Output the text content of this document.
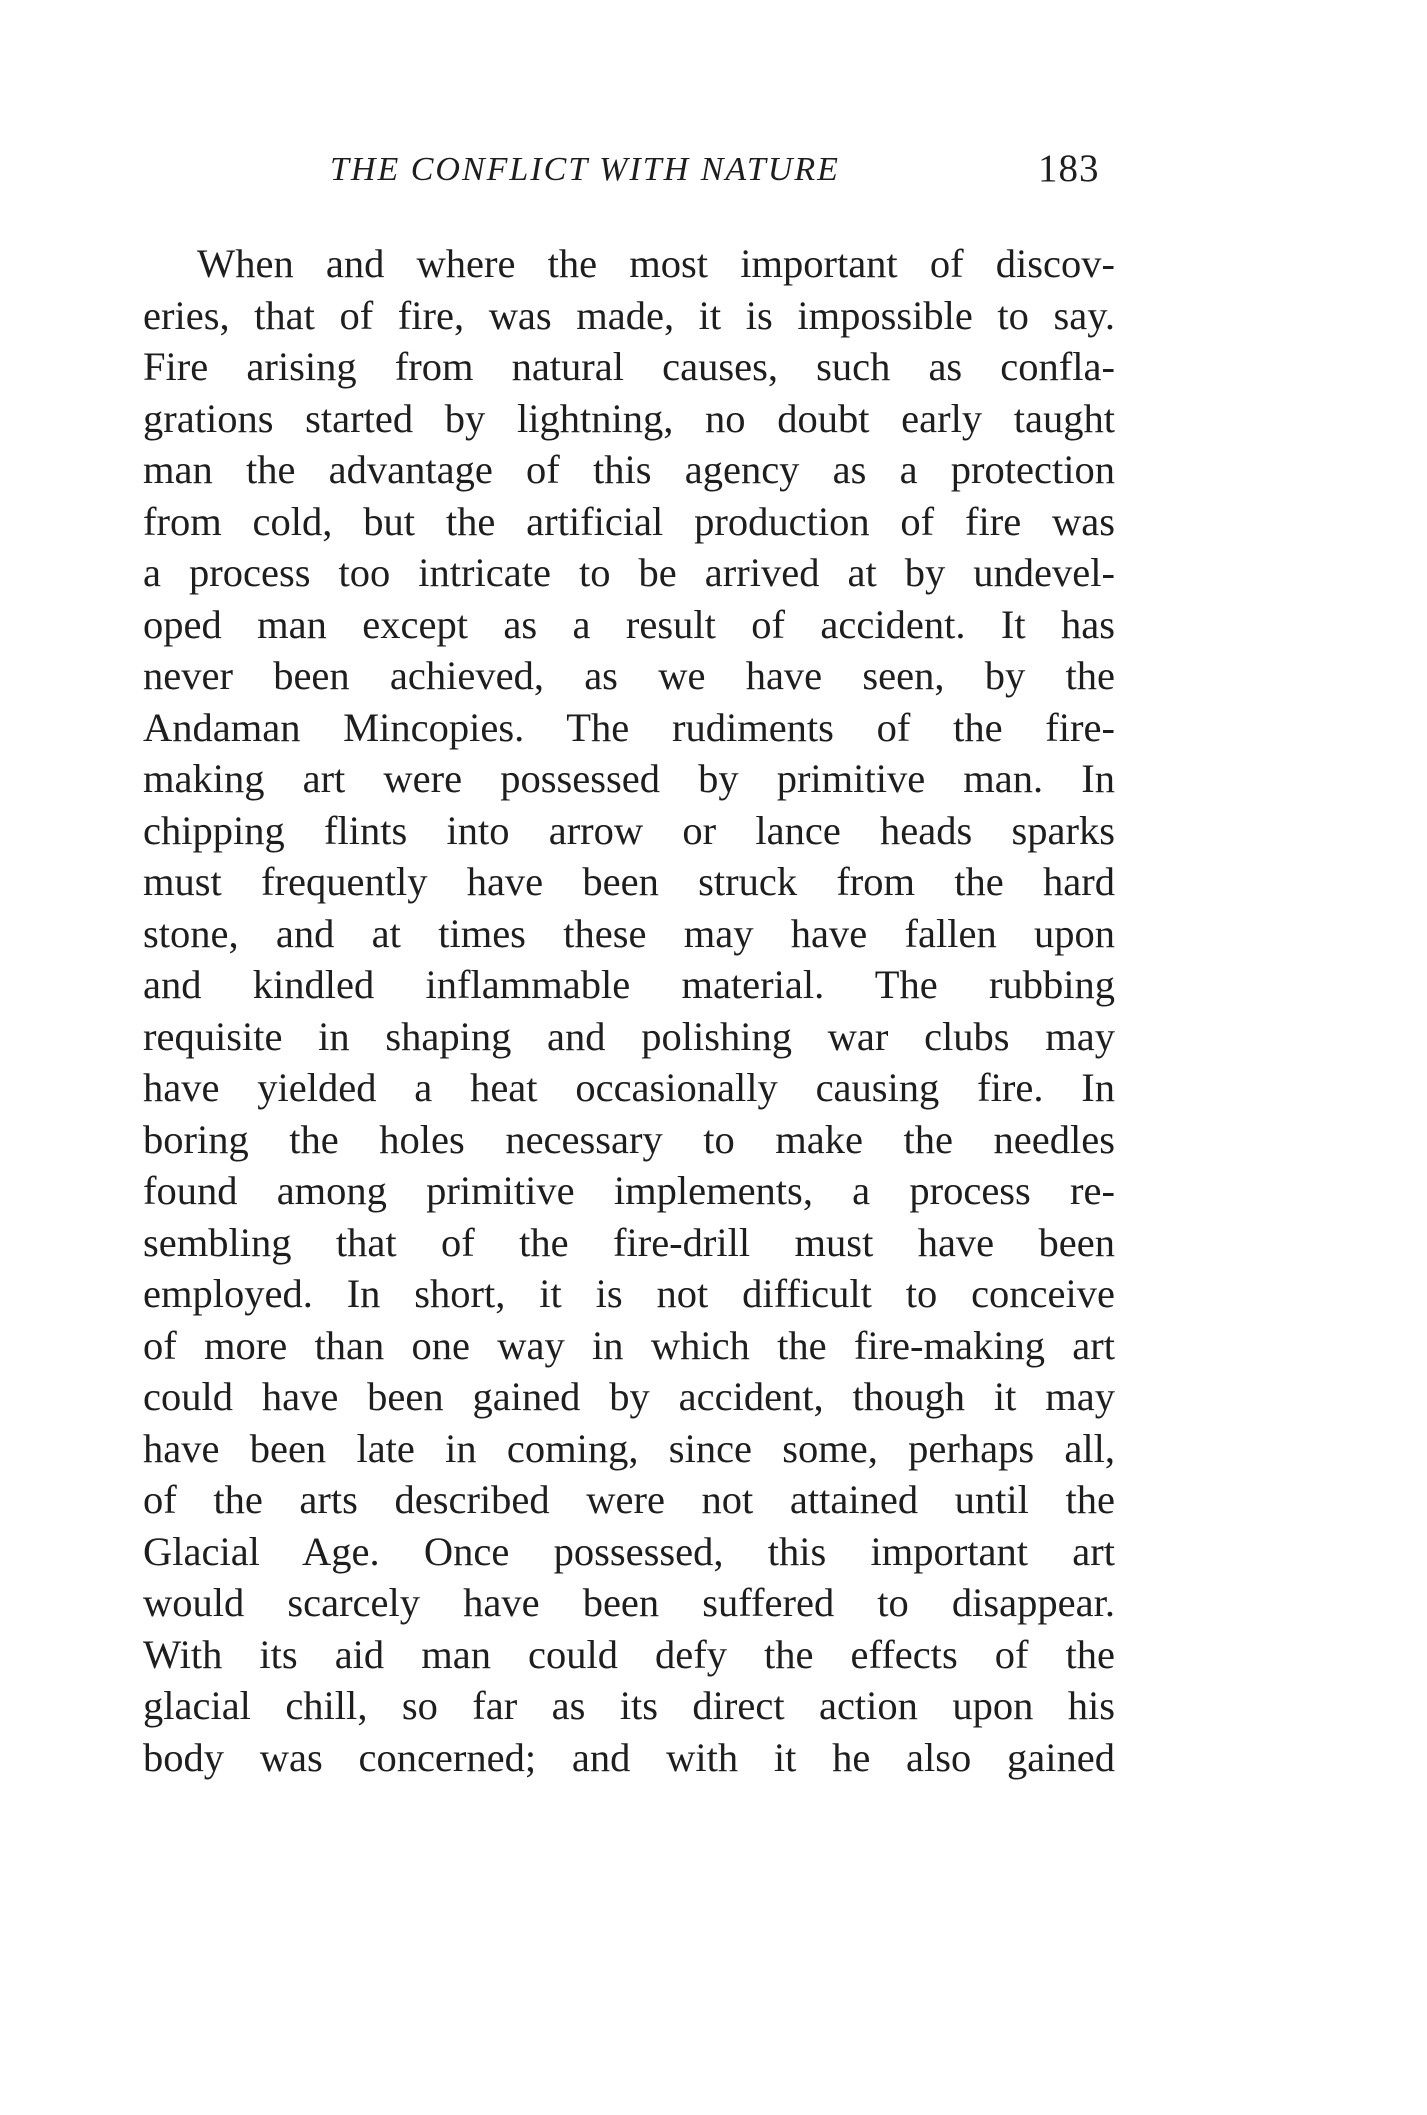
THE CONFLICT WITH NATURE	183
When and where the most important of discov-
eries, that of fire, was made, it is impossible to say.
Fire arising from natural causes, such as confla-
grations started by lightning, no doubt early taught
man the advantage of this agency as a protection
from cold, but the artificial production of fire was
a process too intricate to be arrived at by undevel-
oped man except as a result of accident. It has
never been achieved, as we have seen, by the
Andaman Mincopies. The rudiments of the fire-
making art were possessed by primitive man. In
chipping flints into arrow or lance heads sparks
must frequently have been struck from the hard
stone, and at times these may have fallen upon
and kindled inflammable material. The rubbing
requisite in shaping and polishing war clubs may
have yielded a heat occasionally causing fire. In
boring the holes necessary to make the needles
found among primitive implements, a process re-
sembling that of the fire-drill must have been
employed. In short, it is not difficult to conceive
of more than one way in which the fire-making art
could have been gained by accident, though it may
have been late in coming, since some, perhaps all,
of the arts described were not attained until the
Glacial Age. Once possessed, this important art
would scarcely have been suffered to disappear.
With its aid man could defy the effects of the
glacial chill, so far as its direct action upon his
body was concerned; and with it he also gained
